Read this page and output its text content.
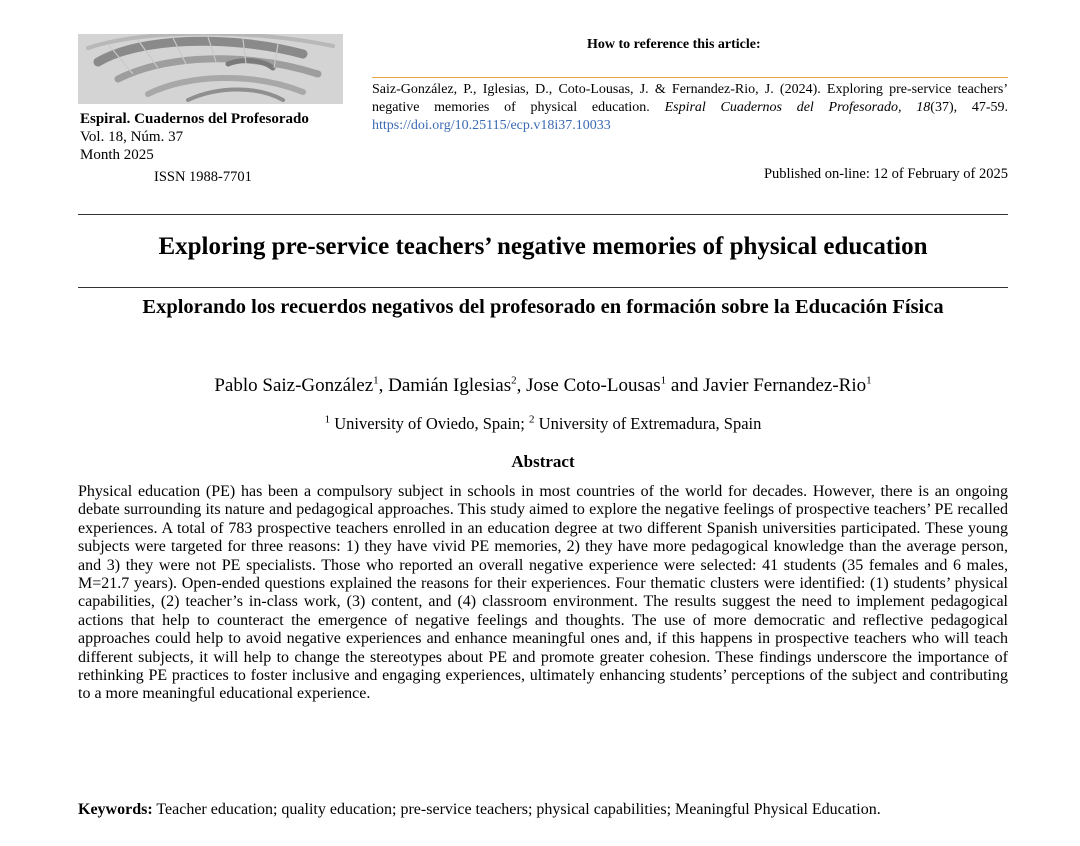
Espiral. Cuadernos del Profesorado
Vol. 18, Núm. 37
Month 2025
ISSN 1988-7701
How to reference this article:
Saiz-González, P., Iglesias, D., Coto-Lousas, J. & Fernandez-Rio, J. (2024). Exploring pre-service teachers’ negative memories of physical education. Espiral Cuadernos del Profesorado, 18(37), 47-59. https://doi.org/10.25115/ecp.v18i37.10033
Published on-line: 12 of February of 2025
Exploring pre-service teachers’ negative memories of physical education
Explorando los recuerdos negativos del profesorado en formación sobre la Educación Física
Pablo Saiz-González$^1$, Damián Iglesias$^2$, Jose Coto-Lousas$^1$ and Javier Fernandez-Rio$^1$
$^1$ University of Oviedo, Spain; $^2$ University of Extremadura, Spain
Abstract
Physical education (PE) has been a compulsory subject in schools in most countries of the world for decades. However, there is an ongoing debate surrounding its nature and pedagogical approaches. This study aimed to explore the negative feelings of prospective teachers’ PE recalled experiences. A total of 783 prospective teachers enrolled in an education degree at two different Spanish universities participated. These young subjects were targeted for three reasons: 1) they have vivid PE memories, 2) they have more pedagogical knowledge than the average person, and 3) they were not PE specialists. Those who reported an overall negative experience were selected: 41 students (35 females and 6 males, M=21.7 years). Open-ended questions explained the reasons for their experiences. Four thematic clusters were identified: (1) students’ physical capabilities, (2) teacher’s in-class work, (3) content, and (4) classroom environment. The results suggest the need to implement pedagogical actions that help to counteract the emergence of negative feelings and thoughts. The use of more democratic and reflective pedagogical approaches could help to avoid negative experiences and enhance meaningful ones and, if this happens in prospective teachers who will teach different subjects, it will help to change the stereotypes about PE and promote greater cohesion. These findings underscore the importance of rethinking PE practices to foster inclusive and engaging experiences, ultimately enhancing students’ perceptions of the subject and contributing to a more meaningful educational experience.
Keywords: Teacher education; quality education; pre-service teachers; physical capabilities; Meaningful Physical Education.
